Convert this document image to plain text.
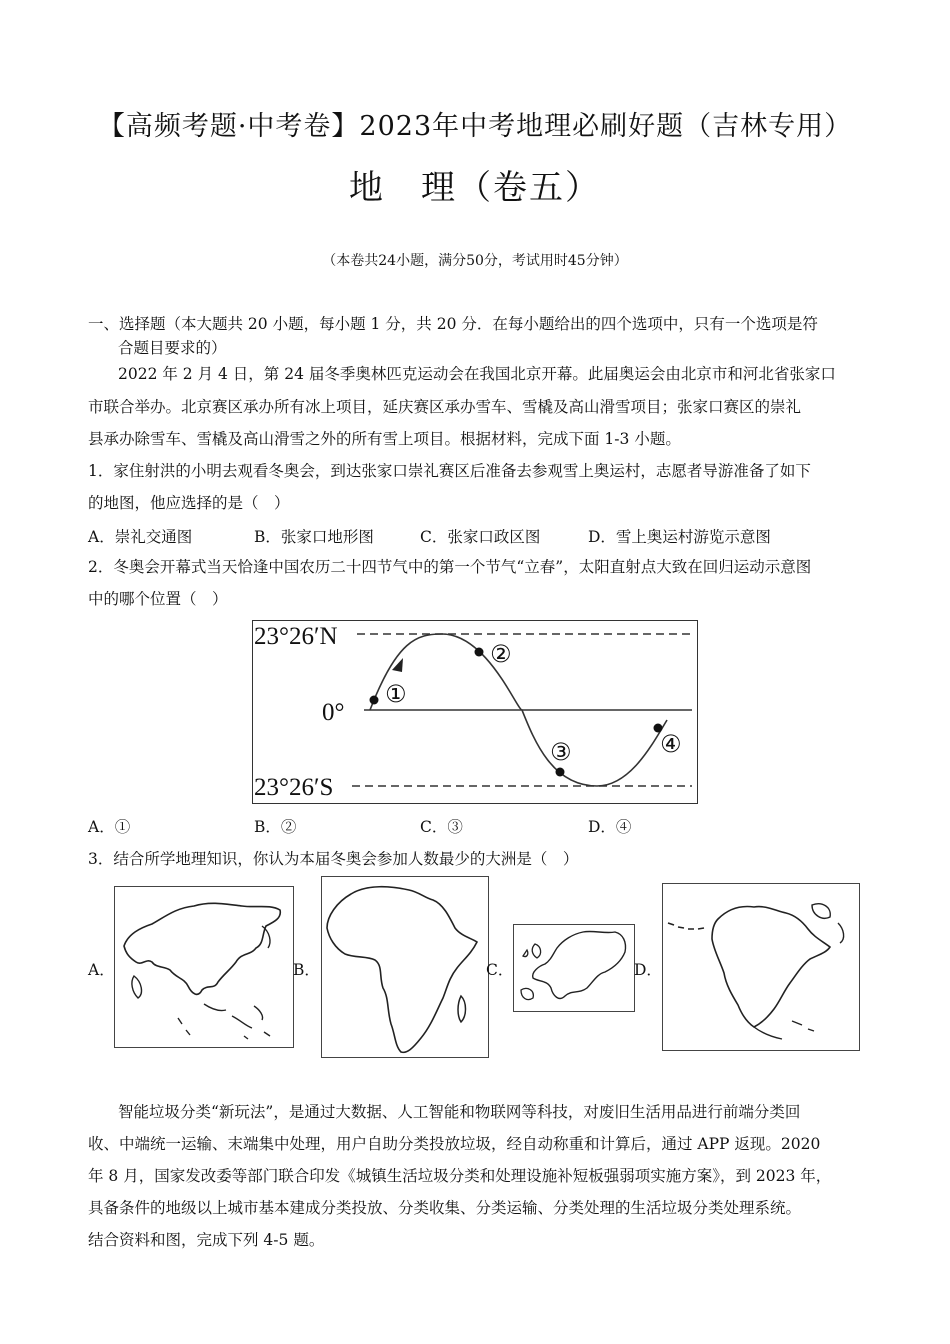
【高频考题·中考卷】2023年中考地理必刷好题（吉林专用）
地　理（卷五）
（本卷共24小题，满分50分，考试用时45分钟）
一、选择题（本大题共 20 小题，每小题 1 分，共 20 分．在每小题给出的四个选项中，只有一个选项是符
合题目要求的）
2022 年 2 月 4 日，第 24 届冬季奥林匹克运动会在我国北京开幕。此届奥运会由北京市和河北省张家口
市联合举办。北京赛区承办所有冰上项目，延庆赛区承办雪车、雪橇及高山滑雪项目；张家口赛区的崇礼
县承办除雪车、雪橇及高山滑雪之外的所有雪上项目。根据材料，完成下面 1-3 小题。
1．家住射洪的小明去观看冬奥会，到达张家口崇礼赛区后准备去参观雪上奥运村，志愿者导游准备了如下
的地图，他应选择的是（　）
A．崇礼交通图	B．张家口地形图	C．张家口政区图	D．雪上奥运村游览示意图
2．冬奥会开幕式当天恰逢中国农历二十四节气中的第一个节气“立春”，太阳直射点大致在回归运动示意图
中的哪个位置（　）
23°26′N
0°
23°26′S
①
②
③	④
A．①	B．②	C．③	D．④
3．结合所学地理知识，你认为本届冬奥会参加人数最少的大洲是（　）
A．	B．	C．	D．
智能垃圾分类“新玩法”，是通过大数据、人工智能和物联网等科技，对废旧生活用品进行前端分类回
收、中端统一运输、末端集中处理，用户自助分类投放垃圾，经自动称重和计算后，通过 APP 返现。2020
年 8 月，国家发改委等部门联合印发《城镇生活垃圾分类和处理设施补短板强弱项实施方案》，到 2023 年，
具备条件的地级以上城市基本建成分类投放、分类收集、分类运输、分类处理的生活垃圾分类处理系统。
结合资料和图，完成下列 4-5 题。
